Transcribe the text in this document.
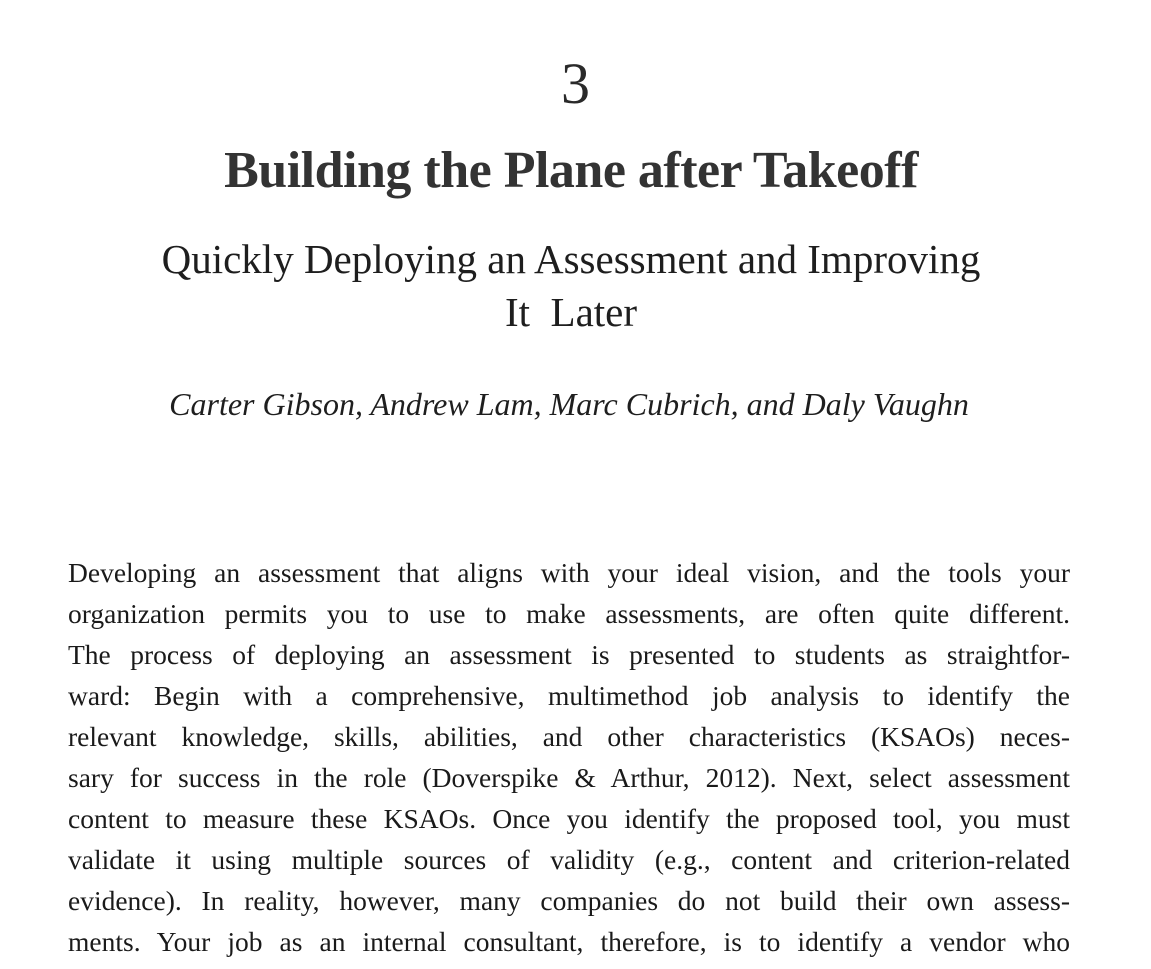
3
Building the Plane after Takeoff
Quickly Deploying an Assessment and Improving
It  Later
Carter Gibson, Andrew Lam, Marc Cubrich, and Daly Vaughn
Developing an assessment that aligns with your ideal vision, and the tools your
organization permits you to use to make assessments, are often quite different.
The process of deploying an assessment is presented to students as straightfor-
ward: Begin with a comprehensive, multimethod job analysis to identify the
relevant knowledge, skills, abilities, and other characteristics (KSAOs) neces-
sary for success in the role (Doverspike & Arthur, 2012). Next, select assessment
content to measure these KSAOs. Once you identify the proposed tool, you must
validate it using multiple sources of validity (e.g., content and criterion-related
evidence). In reality, however, many companies do not build their own assess-
ments. Your job as an internal consultant, therefore, is to identify a vendor who
